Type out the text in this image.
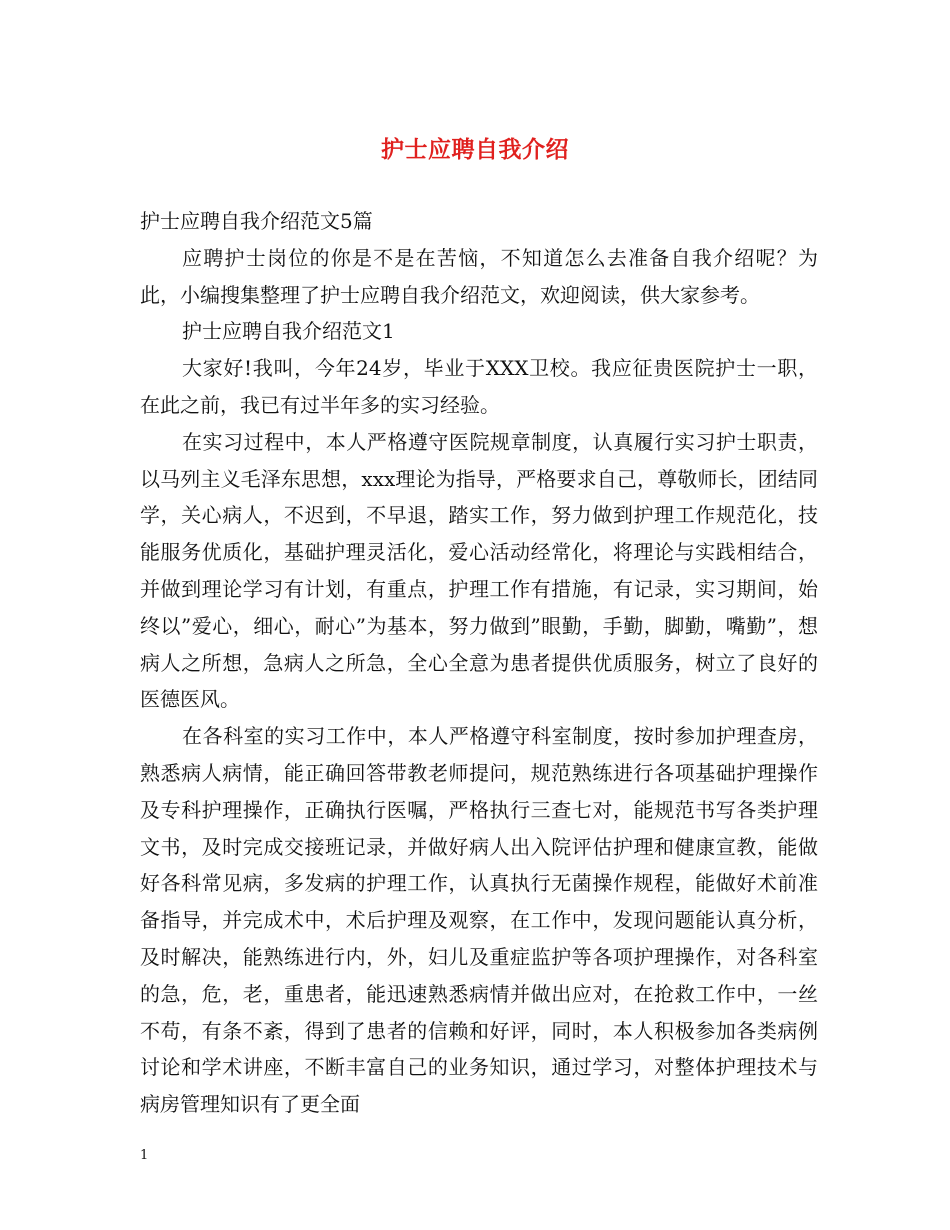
护士应聘自我介绍

护士应聘自我介绍范文5篇

应聘护士岗位的你是不是在苦恼，不知道怎么去准备自我介绍呢？为此，小编搜集整理了护士应聘自我介绍范文，欢迎阅读，供大家参考。

护士应聘自我介绍范文1

大家好!我叫，今年24岁，毕业于XXX卫校。我应征贵医院护士一职，在此之前，我已有过半年多的实习经验。

在实习过程中，本人严格遵守医院规章制度，认真履行实习护士职责，以马列主义毛泽东思想，xxx理论为指导，严格要求自己，尊敬师长，团结同学，关心病人，不迟到，不早退，踏实工作，努力做到护理工作规范化，技能服务优质化，基础护理灵活化，爱心活动经常化，将理论与实践相结合，并做到理论学习有计划，有重点，护理工作有措施，有记录，实习期间，始终以”爱心，细心，耐心”为基本，努力做到”眼勤，手勤，脚勤，嘴勤”，想病人之所想，急病人之所急，全心全意为患者提供优质服务，树立了良好的医德医风。

在各科室的实习工作中，本人严格遵守科室制度，按时参加护理查房，熟悉病人病情，能正确回答带教老师提问，规范熟练进行各项基础护理操作及专科护理操作，正确执行医嘱，严格执行三查七对，能规范书写各类护理文书，及时完成交接班记录，并做好病人出入院评估护理和健康宣教，能做好各科常见病，多发病的护理工作，认真执行无菌操作规程，能做好术前准备指导，并完成术中，术后护理及观察，在工作中，发现问题能认真分析，及时解决，能熟练进行内，外，妇儿及重症监护等各项护理操作，对各科室的急，危，老，重患者，能迅速熟悉病情并做出应对，在抢救工作中，一丝不苟，有条不紊，得到了患者的信赖和好评，同时，本人积极参加各类病例讨论和学术讲座，不断丰富自己的业务知识，通过学习，对整体护理技术与病房管理知识有了更全面

1
